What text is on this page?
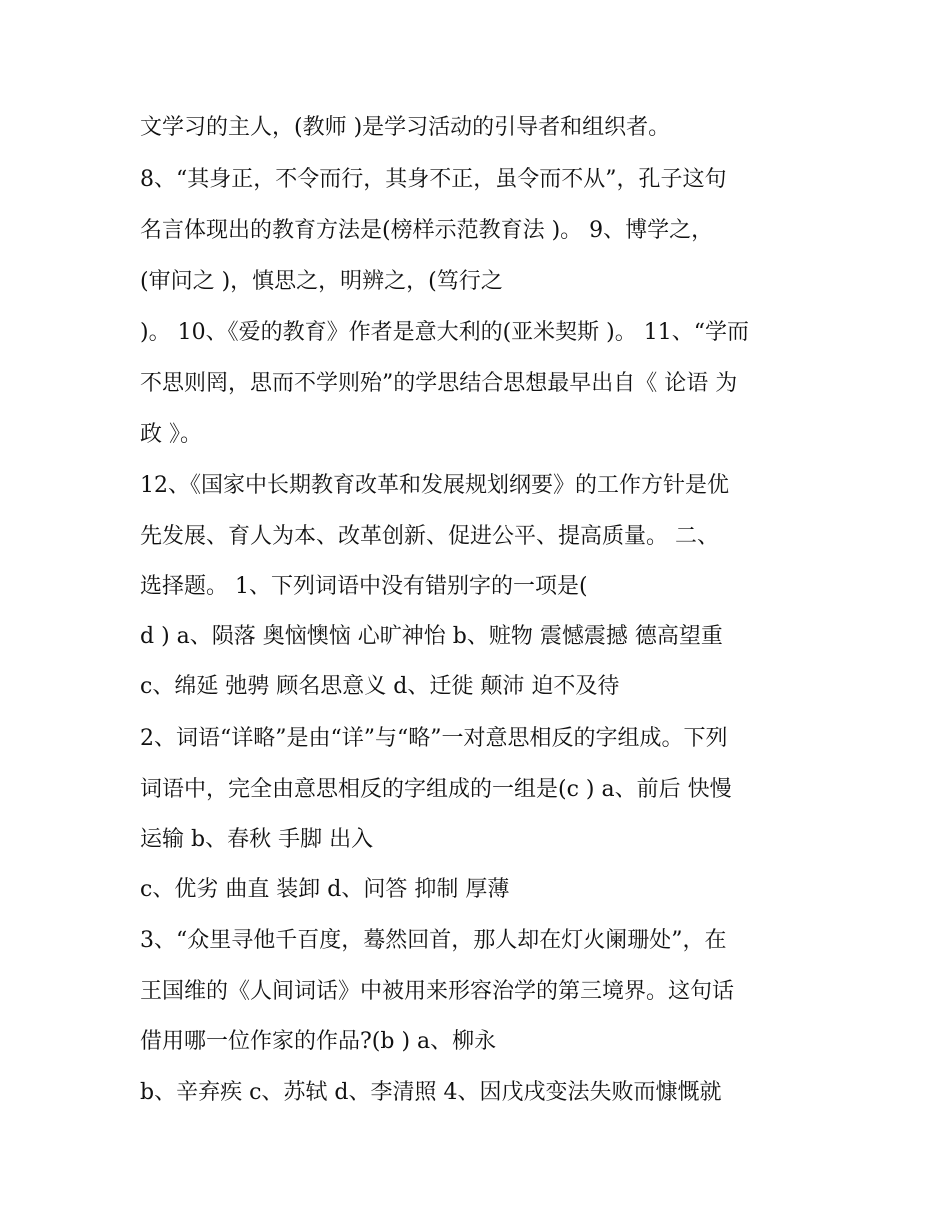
文学习的主人，(教师 )是学习活动的引导者和组织者。
8、“其身正，不令而行，其身不正，虽令而不从”，孔子这句
名言体现出的教育方法是(榜样示范教育法 )。 9、博学之，
(审问之 )，慎思之，明辨之，(笃行之
)。 10、《爱的教育》作者是意大利的(亚米契斯 )。 11、“学而
不思则罔，思而不学则殆”的学思结合思想最早出自《 论语 为
政 》。
12、《国家中长期教育改革和发展规划纲要》的工作方针是优
先发展、育人为本、改革创新、促进公平、提高质量。 二、
选择题。 1、下列词语中没有错别字的一项是(
d ) a、陨落 奥恼懊恼 心旷神怡 b、赃物 震憾震撼 德高望重
c、绵延 弛骋 顾名思意义 d、迁徙 颠沛 迫不及待
2、词语“详略”是由“详”与“略”一对意思相反的字组成。下列
词语中，完全由意思相反的字组成的一组是(c ) a、前后 快慢
运输 b、春秋 手脚 出入
c、优劣 曲直 装卸 d、问答 抑制 厚薄
3、“众里寻他千百度，蓦然回首，那人却在灯火阑珊处”，在
王国维的《人间词话》中被用来形容治学的第三境界。这句话
借用哪一位作家的作品?(b ) a、柳永
b、辛弃疾 c、苏轼 d、李清照 4、因戊戌变法失败而慷慨就
